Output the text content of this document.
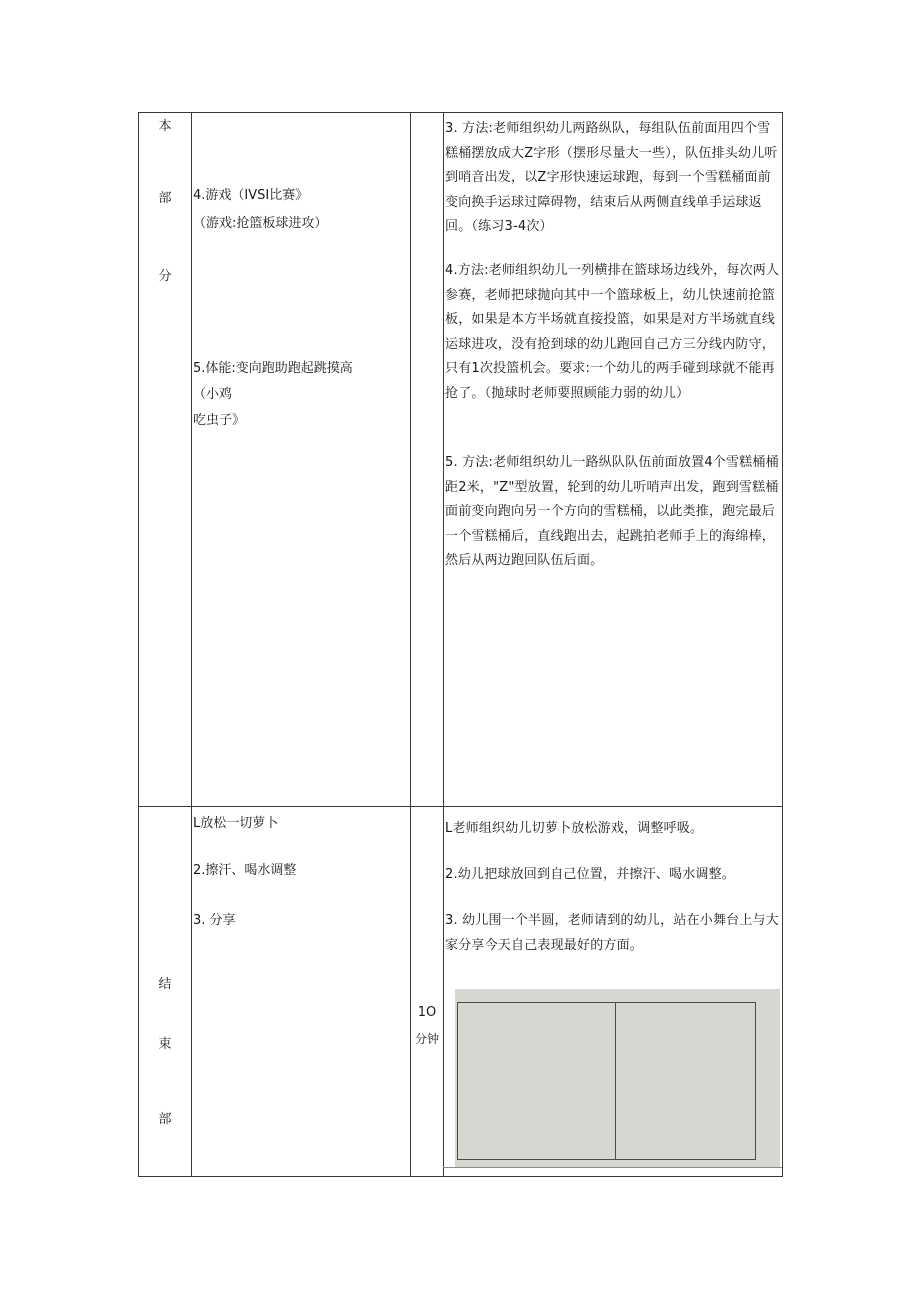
本
部
分
4.游戏（IVSI比赛》
（游戏:抢篮板球进攻）
5.体能:变向跑助跑起跳摸高
（小鸡
吃虫子》
3. 方法:老师组织幼儿两路纵队，每组队伍前面用四个雪糕桶摆放成大Z字形（摆形尽量大一些），队伍排头幼儿听到哨音出发，以Z字形快速运球跑，每到一个雪糕桶面前变向换手运球过障碍物，结束后从两侧直线单手运球返回。（练习3-4次）
4.方法:老师组织幼儿一列横排在篮球场边线外，每次两人参赛，老师把球抛向其中一个篮球板上，幼儿快速前抢篮板，如果是本方半场就直接投篮，如果是对方半场就直线运球进攻，没有抢到球的幼儿跑回自己方三分线内防守，只有1次投篮机会。要求:一个幼儿的两手碰到球就不能再抢了。（抛球时老师要照顾能力弱的幼儿）
5. 方法:老师组织幼儿一路纵队队伍前面放置4个雪糕桶桶距2米，"Z"型放置，轮到的幼儿听哨声出发，跑到雪糕桶面前变向跑向另一个方向的雪糕桶，以此类推，跑完最后一个雪糕桶后，直线跑出去，起跳拍老师手上的海绵棒，然后从两边跑回队伍后面。
结
束
部
L放松一切萝卜
2.擦汗、喝水调整
3. 分享
1O
分钟
L老师组织幼儿切萝卜放松游戏，调整呼吸。
2.幼儿把球放回到自己位置，并擦汗、喝水调整。
3. 幼儿围一个半圆，老师请到的幼儿，站在小舞台上与大家分享今天自己表现最好的方面。
